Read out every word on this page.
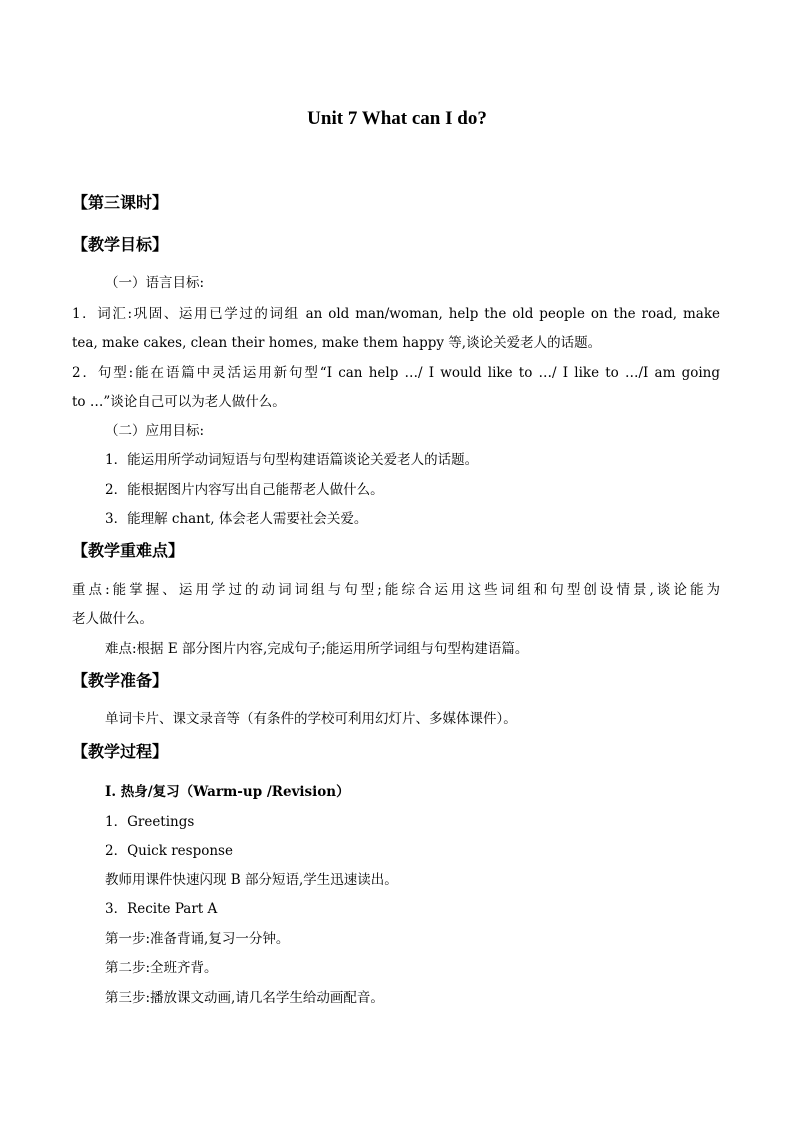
Unit 7 What can I do?
【第三课时】
【教学目标】

（一）语言目标:

1．词汇:巩固、运用已学过的词组 an old man/woman, help the old people on the road, make

tea, make cakes, clean their homes, make them happy 等,谈论关爱老人的话题。

2．句型:能在语篇中灵活运用新句型“I can help …/ I would like to …/ I like to …/I am going

to …”谈论自己可以为老人做什么。

（二）应用目标:

1．能运用所学动词短语与句型构建语篇谈论关爱老人的话题。

2．能根据图片内容写出自己能帮老人做什么。

3．能理解 chant, 体会老人需要社会关爱。

【教学重难点】

重点:能掌握、运用学过的动词词组与句型;能综合运用这些词组和句型创设情景,谈论能为

老人做什么。

难点:根据 E 部分图片内容,完成句子;能运用所学词组与句型构建语篇。

【教学准备】

单词卡片、课文录音等（有条件的学校可利用幻灯片、多媒体课件）。

【教学过程】

I. 热身/复习（Warm-up /Revision）

1．Greetings

2．Quick response

教师用课件快速闪现 B 部分短语,学生迅速读出。

3．Recite Part A

第一步:准备背诵,复习一分钟。

第二步:全班齐背。

第三步:播放课文动画,请几名学生给动画配音。
